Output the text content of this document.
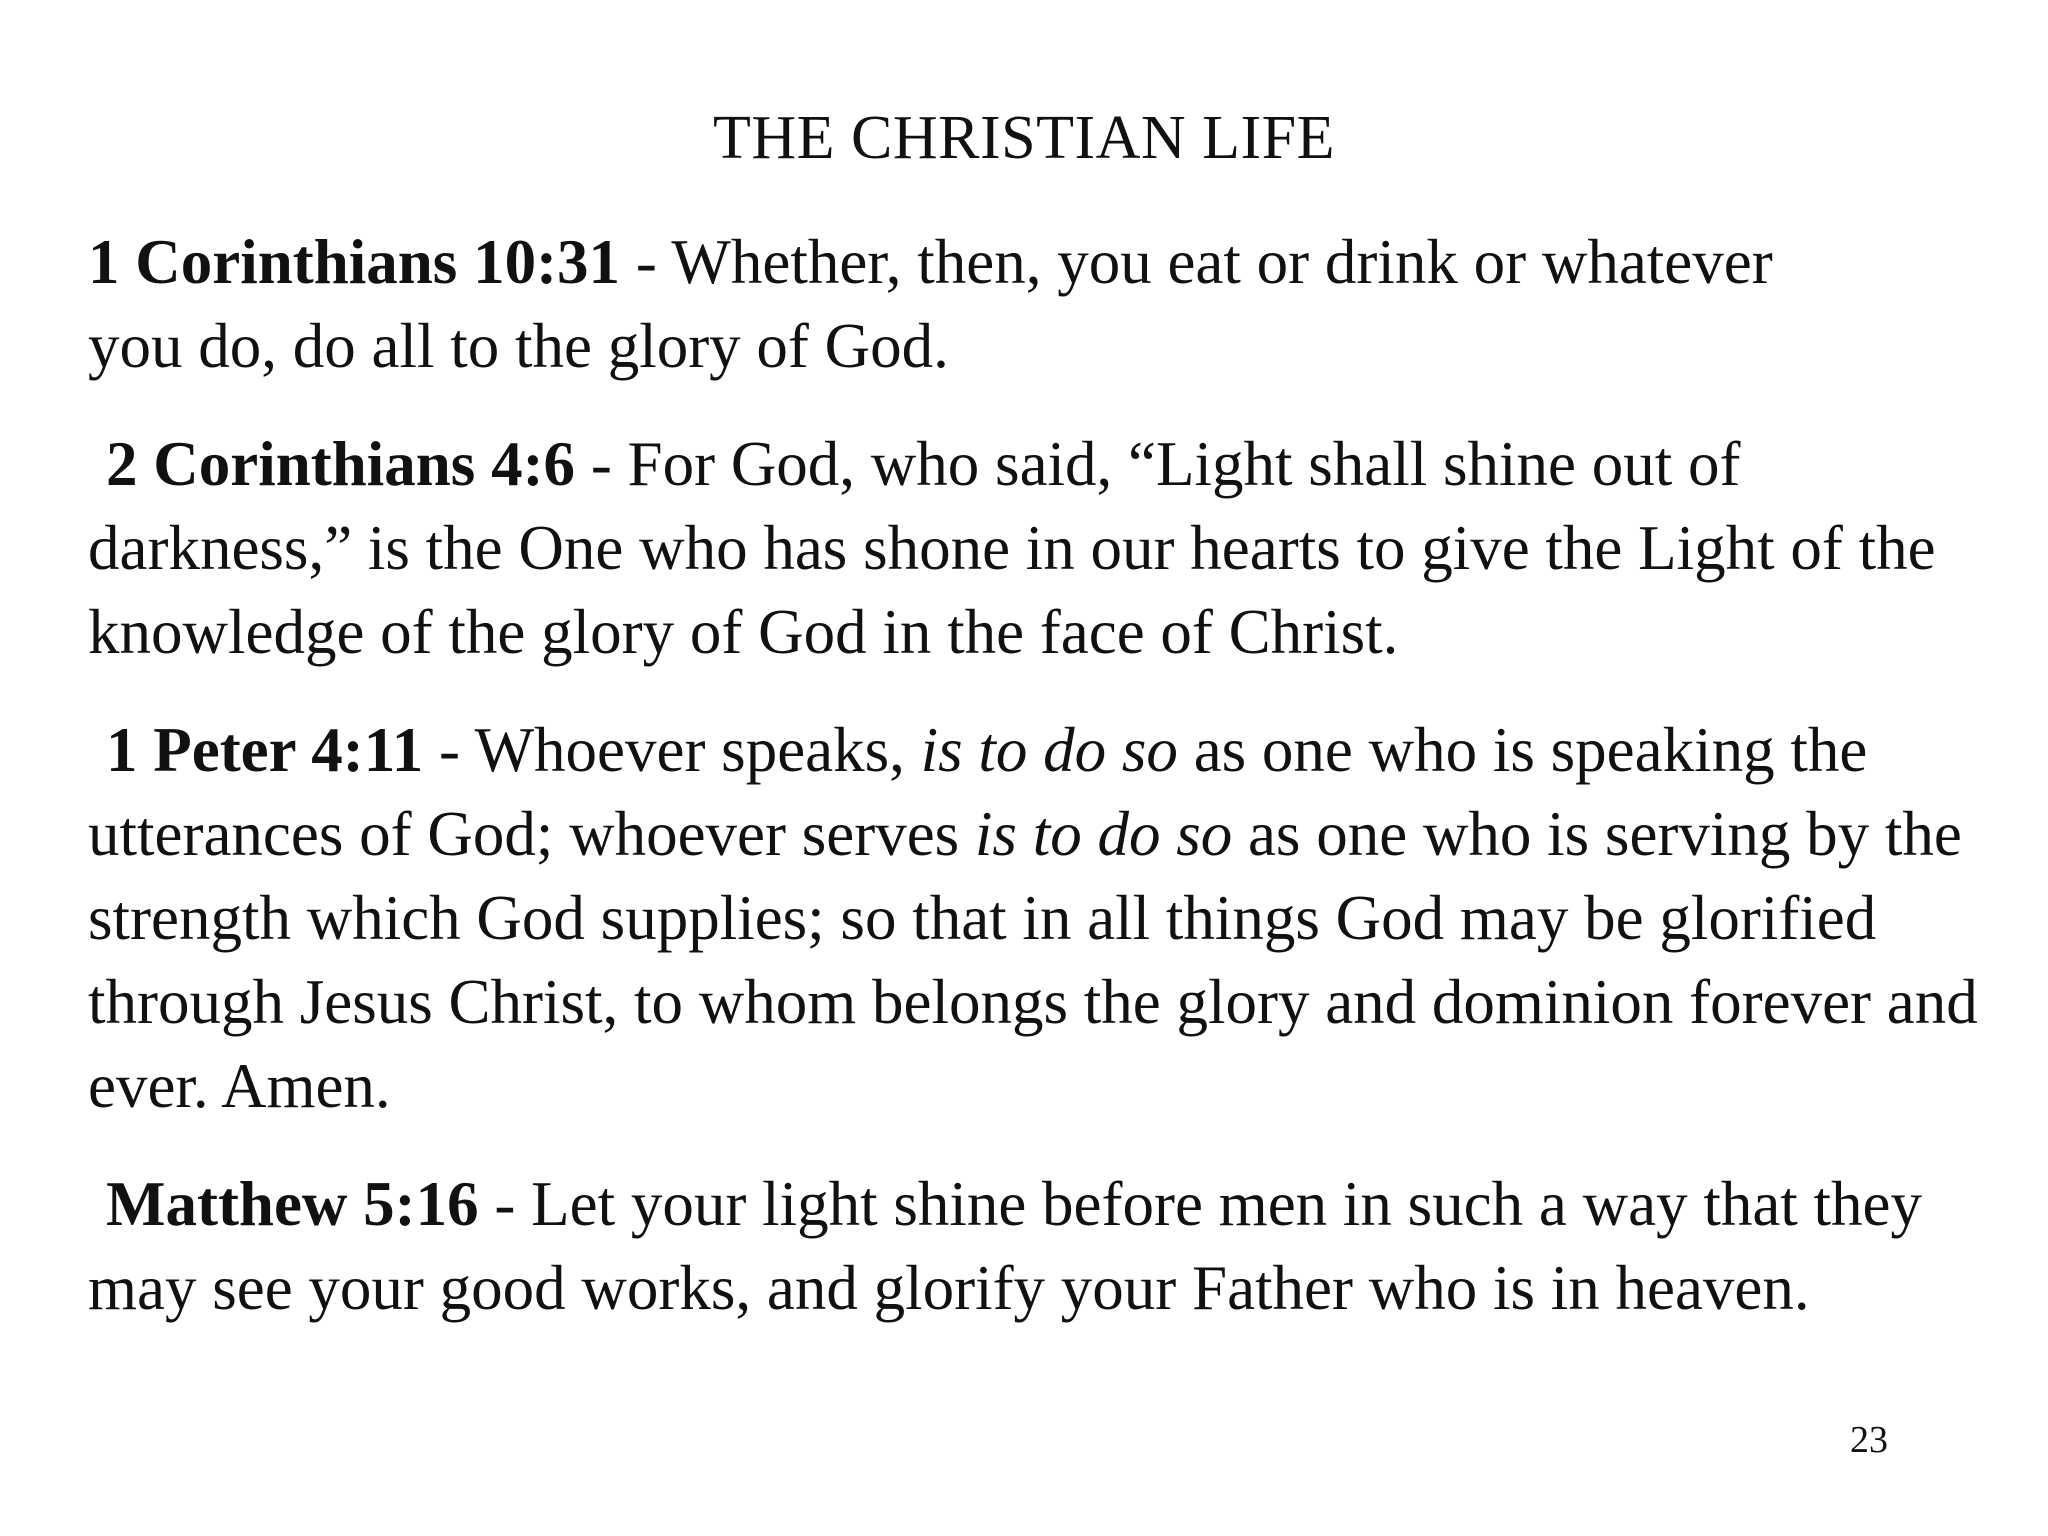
THE CHRISTIAN LIFE

1 Corinthians 10:31 - Whether, then, you eat or drink or whatever
you do, do all to the glory of God.

2 Corinthians 4:6 - For God, who said, “Light shall shine out of darkness,” is the One who has shone in our hearts to give the Light of the knowledge of the glory of God in the face of Christ.

1 Peter 4:11 - Whoever speaks, is to do so as one who is speaking the utterances of God; whoever serves is to do so as one who is serving by the strength which God supplies; so that in all things God may be glorified through Jesus Christ, to whom belongs the glory and dominion forever and ever. Amen.

Matthew 5:16 - Let your light shine before men in such a way that they may see your good works, and glorify your Father who is in heaven.

23
